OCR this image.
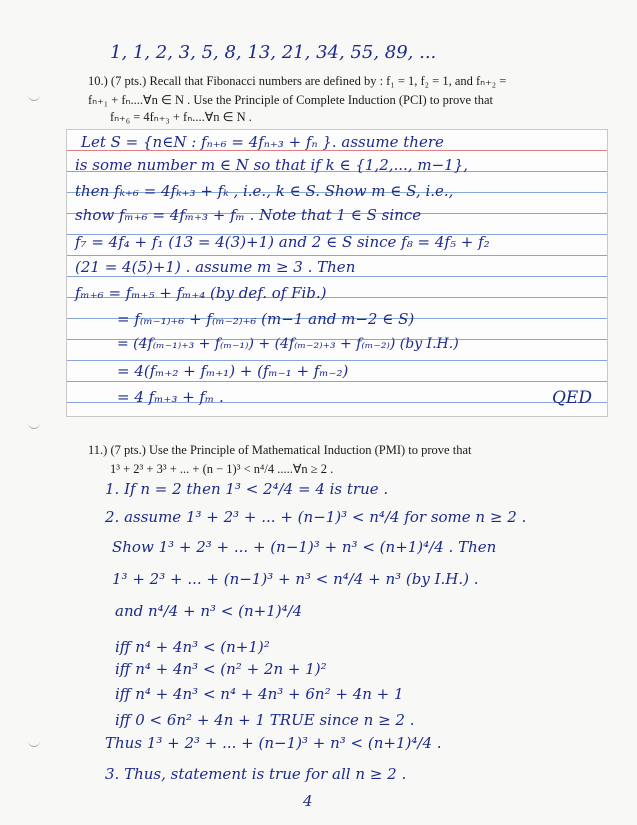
1, 1, 2, 3, 5, 8, 13, 21, 34, 55, 89, ...
10.) (7 pts.) Recall that Fibonacci numbers are defined by : f₁ = 1, f₂ = 1, and fₙ₊₂ =
fₙ₊₁ + fₙ....∀n ∈ N . Use the Principle of Complete Induction (PCI) to prove that
fₙ₊₆ = 4fₙ₊₃ + fₙ....∀n ∈ N .
Let S = {n∈N : fₙ₊₆ = 4fₙ₊₃ + fₙ }. assume there
is some number m ∈ N so that if k ∈ {1,2,..., m−1},
then fₖ₊₆ = 4fₖ₊₃ + fₖ , i.e., k ∈ S. Show m ∈ S, i.e.,
show fₘ₊₆ = 4fₘ₊₃ + fₘ . Note that 1 ∈ S since
f₇ = 4f₄ + f₁ (13 = 4(3)+1) and 2 ∈ S since f₈ = 4f₅ + f₂
(21 = 4(5)+1) . assume m ≥ 3 . Then
fₘ₊₆ = fₘ₊₅ + fₘ₊₄ (by def. of Fib.)
= f₍ₘ₋₁₎₊₆ + f₍ₘ₋₂₎₊₆ (m−1 and m−2 ∈ S)
= (4f₍ₘ₋₁₎₊₃ + f₍ₘ₋₁₎) + (4f₍ₘ₋₂₎₊₃ + f₍ₘ₋₂₎) (by I.H.)
= 4(fₘ₊₂ + fₘ₊₁) + (fₘ₋₁ + fₘ₋₂)
= 4 fₘ₊₃ + fₘ .	QED
11.) (7 pts.) Use the Principle of Mathematical Induction (PMI) to prove that
1³ + 2³ + 3³ + ... + (n − 1)³ < n⁴/4 .....∀n ≥ 2 .
1. If n = 2 then 1³ < 2⁴/4 = 4 is true .
2. assume 1³ + 2³ + ... + (n−1)³ < n⁴/4 for some n ≥ 2 .
Show 1³ + 2³ + ... + (n−1)³ + n³ < (n+1)⁴/4 . Then
1³ + 2³ + ... + (n−1)³ + n³ < n⁴/4 + n³ (by I.H.) .
and n⁴/4 + n³ < (n+1)⁴/4
iff n⁴ + 4n³ < (n+1)²
iff n⁴ + 4n³ < (n² + 2n + 1)²
iff n⁴ + 4n³ < n⁴ + 4n³ + 6n² + 4n + 1
iff 0 < 6n² + 4n + 1 TRUE since n ≥ 2 .
Thus 1³ + 2³ + ... + (n−1)³ + n³ < (n+1)⁴/4 .
3. Thus, statement is true for all n ≥ 2 .
4
